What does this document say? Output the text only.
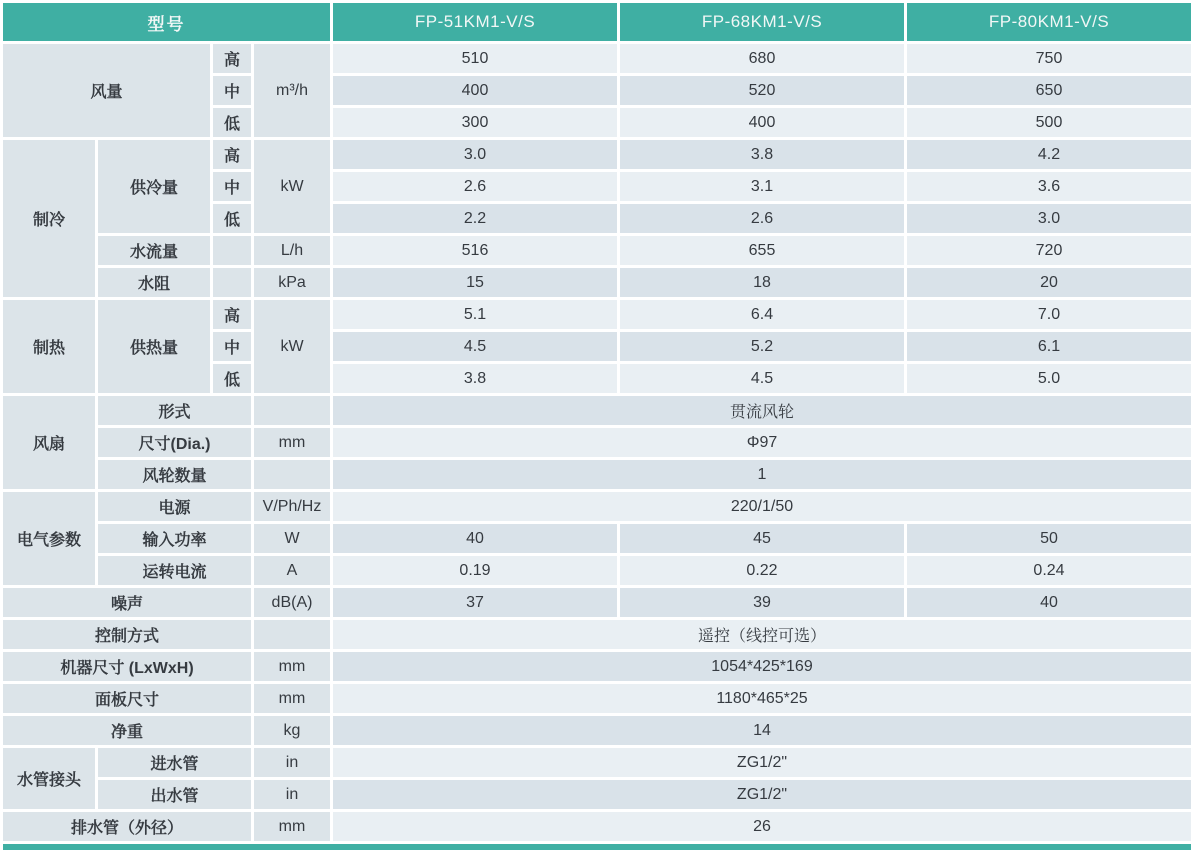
型号				FP-51KM1-V/S	FP-68KM1-V/S	FP-80KM1-V/S
风量		高	m³/h	510	680	750
		中		400	520	650
		低		300	400	500
制冷	供冷量	高	kW	3.0	3.8	4.2
		中		2.6	3.1	3.6
		低		2.2	2.6	3.0
	水流量		L/h	516	655	720
	水阻		kPa	15	18	20
制热	供热量	高	kW	5.1	6.4	7.0
		中		4.5	5.2	6.1
		低		3.8	4.5	5.0
风扇	形式			贯流风轮		
	尺寸(Dia.)		mm	Φ97		
	风轮数量			1		
电气参数	电源		V/Ph/Hz	220/1/50		
	输入功率		W	40	45	50
	运转电流		A	0.19	0.22	0.24
噪声			dB(A)	37	39	40
控制方式				遥控（线控可选）		
机器尺寸 (LxWxH)			mm	1054*425*169		
面板尺寸			mm	1180*465*25		
净重			kg	14		
水管接头	进水管		in	ZG1/2"		
	出水管		in	ZG1/2"		
排水管（外径）			mm	26		
